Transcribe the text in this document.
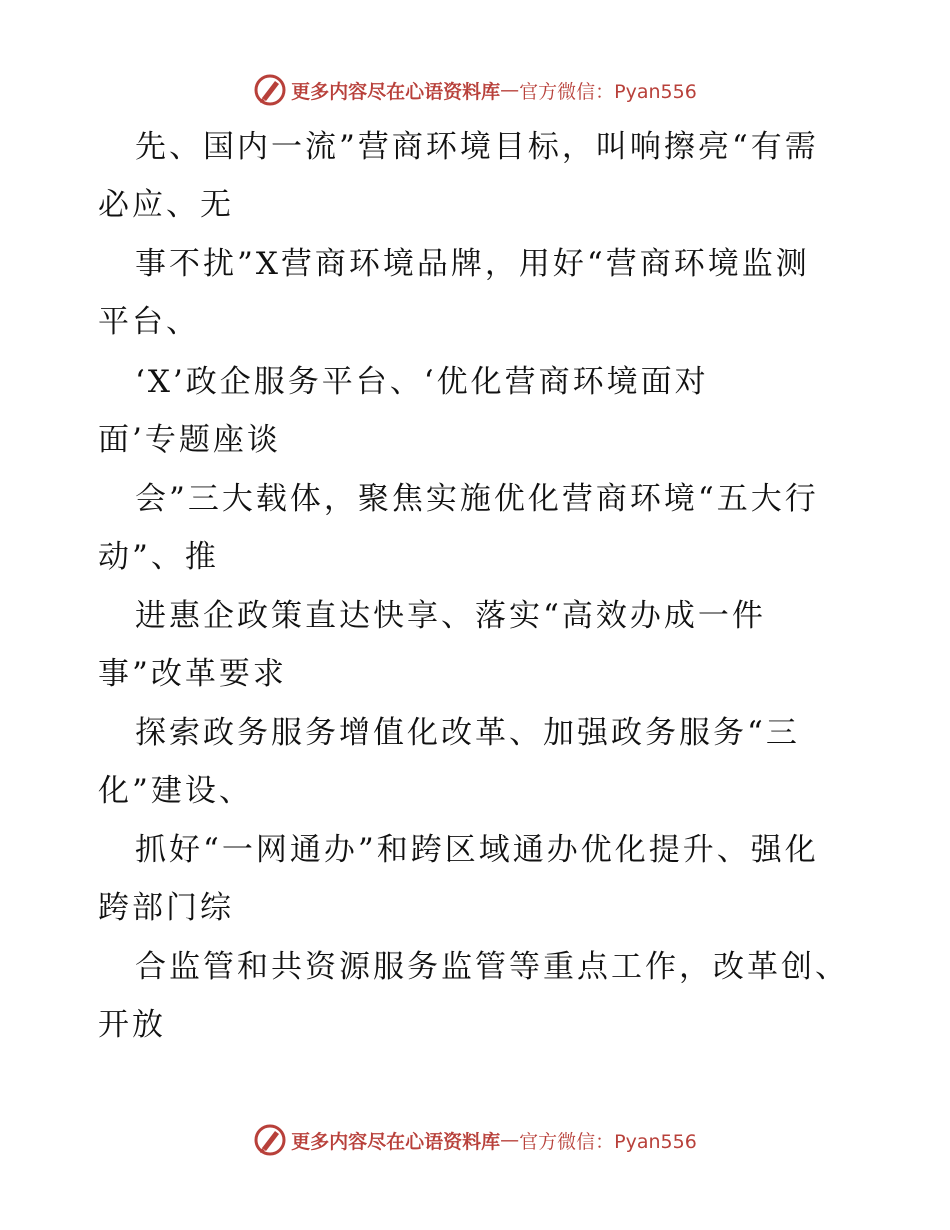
更多内容尽在心语资料库 — 官方微信：Pyan556
先、国内一流”营商环境目标，叫响擦亮“有需
必应、无
事不扰”X营商环境品牌，用好“营商环境监测
平台、
‘X’政企服务平台、‘优化营商环境面对
面’专题座谈
会”三大载体，聚焦实施优化营商环境“五大行
动”、推
进惠企政策直达快享、落实“高效办成一件
事”改革要求
探索政务服务增值化改革、加强政务服务“三
化”建设、
抓好“一网通办”和跨区域通办优化提升、强化
跨部门综
合监管和共资源服务监管等重点工作，改革创、
开放
更多内容尽在心语资料库 — 官方微信：Pyan556
